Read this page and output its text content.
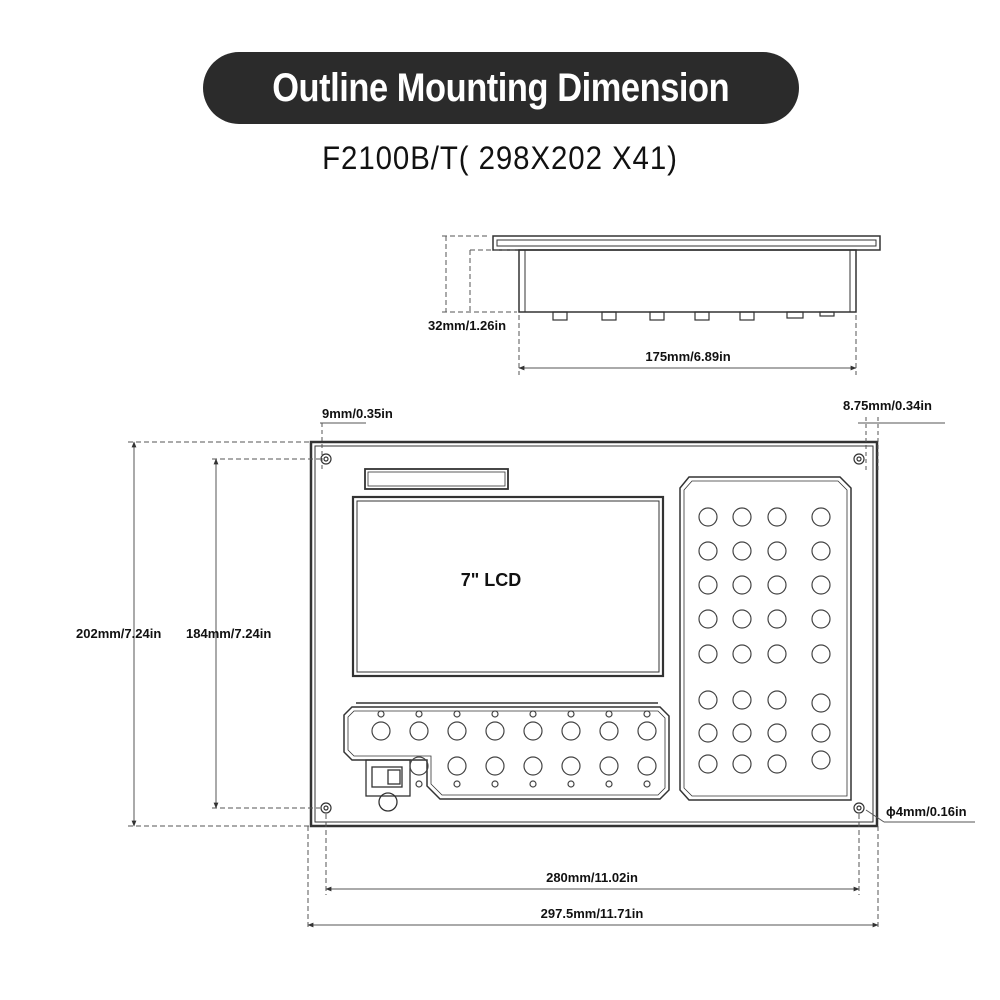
Outline Mounting Dimension
F2100B/T( 298X202 X41)
32mm/1.26in
175mm/6.89in
7" LCD
9mm/0.35in
8.75mm/0.34in
202mm/7.24in 184mm/7.24in
ϕ4mm/0.16in
280mm/11.02in
297.5mm/11.71in
